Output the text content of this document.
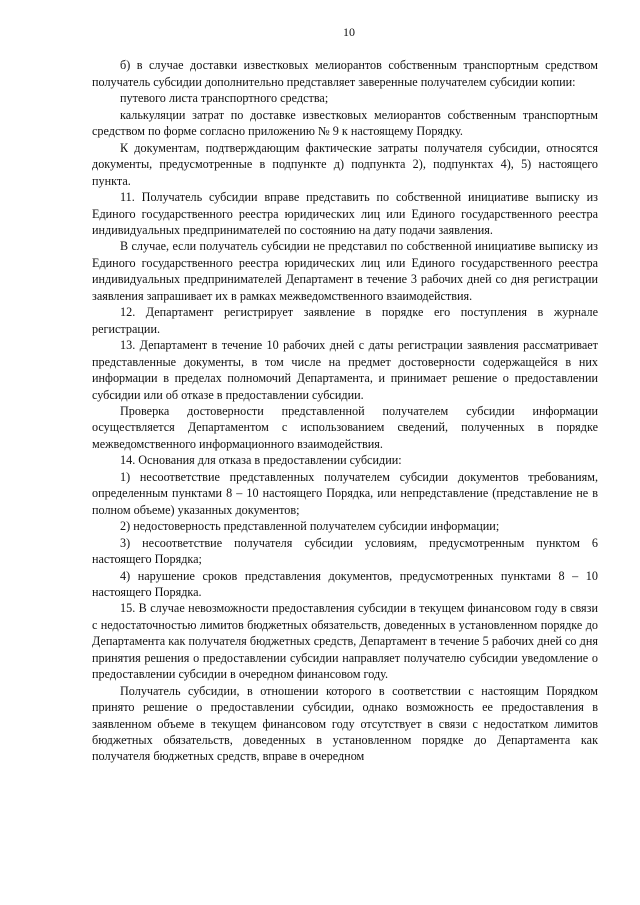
10

б) в случае доставки известковых мелиорантов собственным транспортным средством получатель субсидии дополнительно представляет заверенные получателем субсидии копии:

путевого листа транспортного средства;

калькуляции затрат по доставке известковых мелиорантов собственным транспортным средством по форме согласно приложению № 9 к настоящему Порядку.

К документам, подтверждающим фактические затраты получателя субсидии, относятся документы, предусмотренные в подпункте д) подпункта 2), подпунктах 4), 5) настоящего пункта.

11. Получатель субсидии вправе представить по собственной инициативе выписку из Единого государственного реестра юридических лиц или Единого государственного реестра индивидуальных предпринимателей по состоянию на дату подачи заявления.

В случае, если получатель субсидии не представил по собственной инициативе выписку из Единого государственного реестра юридических лиц или Единого государственного реестра индивидуальных предпринимателей Департамент в течение 3 рабочих дней со дня регистрации заявления запрашивает их в рамках межведомственного взаимодействия.

12. Департамент регистрирует заявление в порядке его поступления в журнале регистрации.

13. Департамент в течение 10 рабочих дней с даты регистрации заявления рассматривает представленные документы, в том числе на предмет достоверности содержащейся в них информации в пределах полномочий Департамента, и принимает решение о предоставлении субсидии или об отказе в предоставлении субсидии.

Проверка достоверности представленной получателем субсидии информации осуществляется Департаментом с использованием сведений, полученных в порядке межведомственного информационного взаимодействия.

14. Основания для отказа в предоставлении субсидии:

1) несоответствие представленных получателем субсидии документов требованиям, определенным пунктами 8 – 10 настоящего Порядка, или непредставление (представление не в полном объеме) указанных документов;

2) недостоверность представленной получателем субсидии информации;

3) несоответствие получателя субсидии условиям, предусмотренным пунктом 6 настоящего Порядка;

4) нарушение сроков представления документов, предусмотренных пунктами 8 – 10 настоящего Порядка.

15. В случае невозможности предоставления субсидии в текущем финансовом году в связи с недостаточностью лимитов бюджетных обязательств, доведенных в установленном порядке до Департамента как получателя бюджетных средств, Департамент в течение 5 рабочих дней со дня принятия решения о предоставлении субсидии направляет получателю субсидии уведомление о предоставлении субсидии в очередном финансовом году.

Получатель субсидии, в отношении которого в соответствии с настоящим Порядком принято решение о предоставлении субсидии, однако возможность ее предоставления в заявленном объеме в текущем финансовом году отсутствует в связи с недостатком лимитов бюджетных обязательств, доведенных в установленном порядке до Департамента как получателя бюджетных средств, вправе в очередном
